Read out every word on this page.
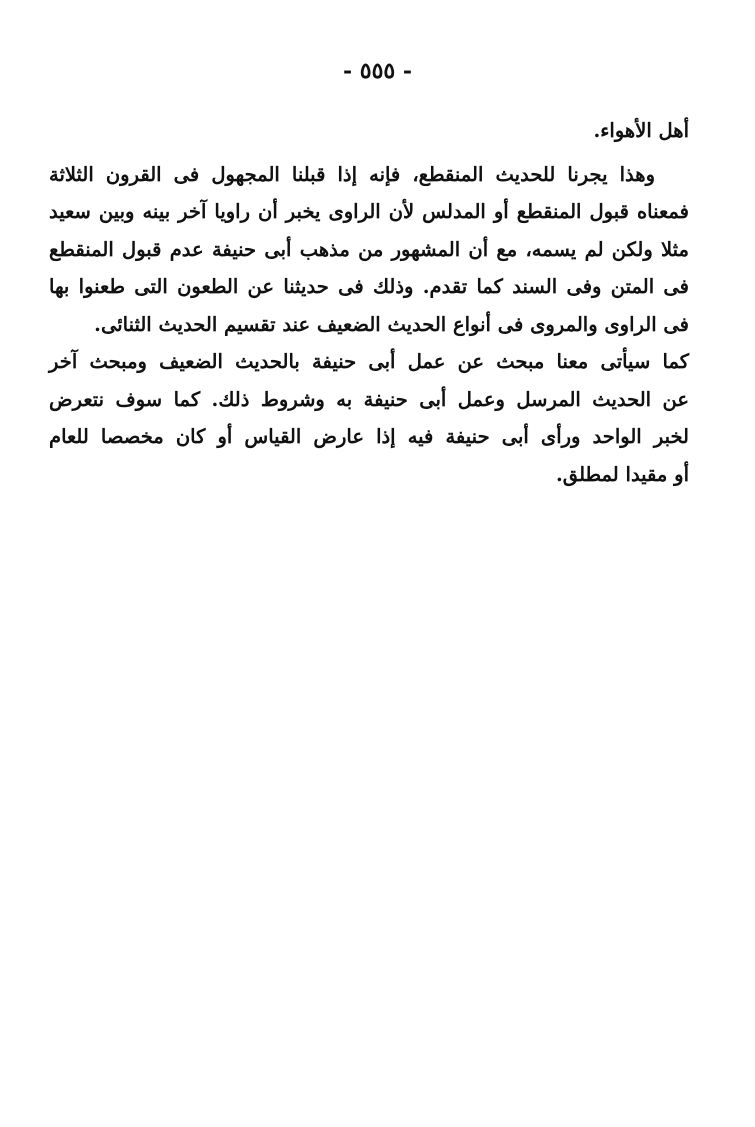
- ٥٥٥ -
أهل الأهواء.
وهذا يجرنا للحديث المنقطع، فإنه إذا قبلنا المجهول فى القرون الثلاثة
فمعناه قبول المنقطع أو المدلس لأن الراوى يخبر أن راويا آخر بينه وبين سعيد
مثلا ولكن لم يسمه، مع أن المشهور من مذهب أبى حنيفة عدم قبول المنقطع
فى المتن وفى السند كما تقدم. وذلك فى حديثنا عن الطعون التى طعنوا بها
فى الراوى والمروى فى أنواع الحديث الضعيف عند تقسيم الحديث الثنائى.
كما سيأتى معنا مبحث عن عمل أبى حنيفة بالحديث الضعيف ومبحث آخر
عن الحديث المرسل وعمل أبى حنيفة به وشروط ذلك. كما سوف نتعرض
لخبر الواحد ورأى أبى حنيفة فيه إذا عارض القياس أو كان مخصصا للعام
أو مقيدا لمطلق.
